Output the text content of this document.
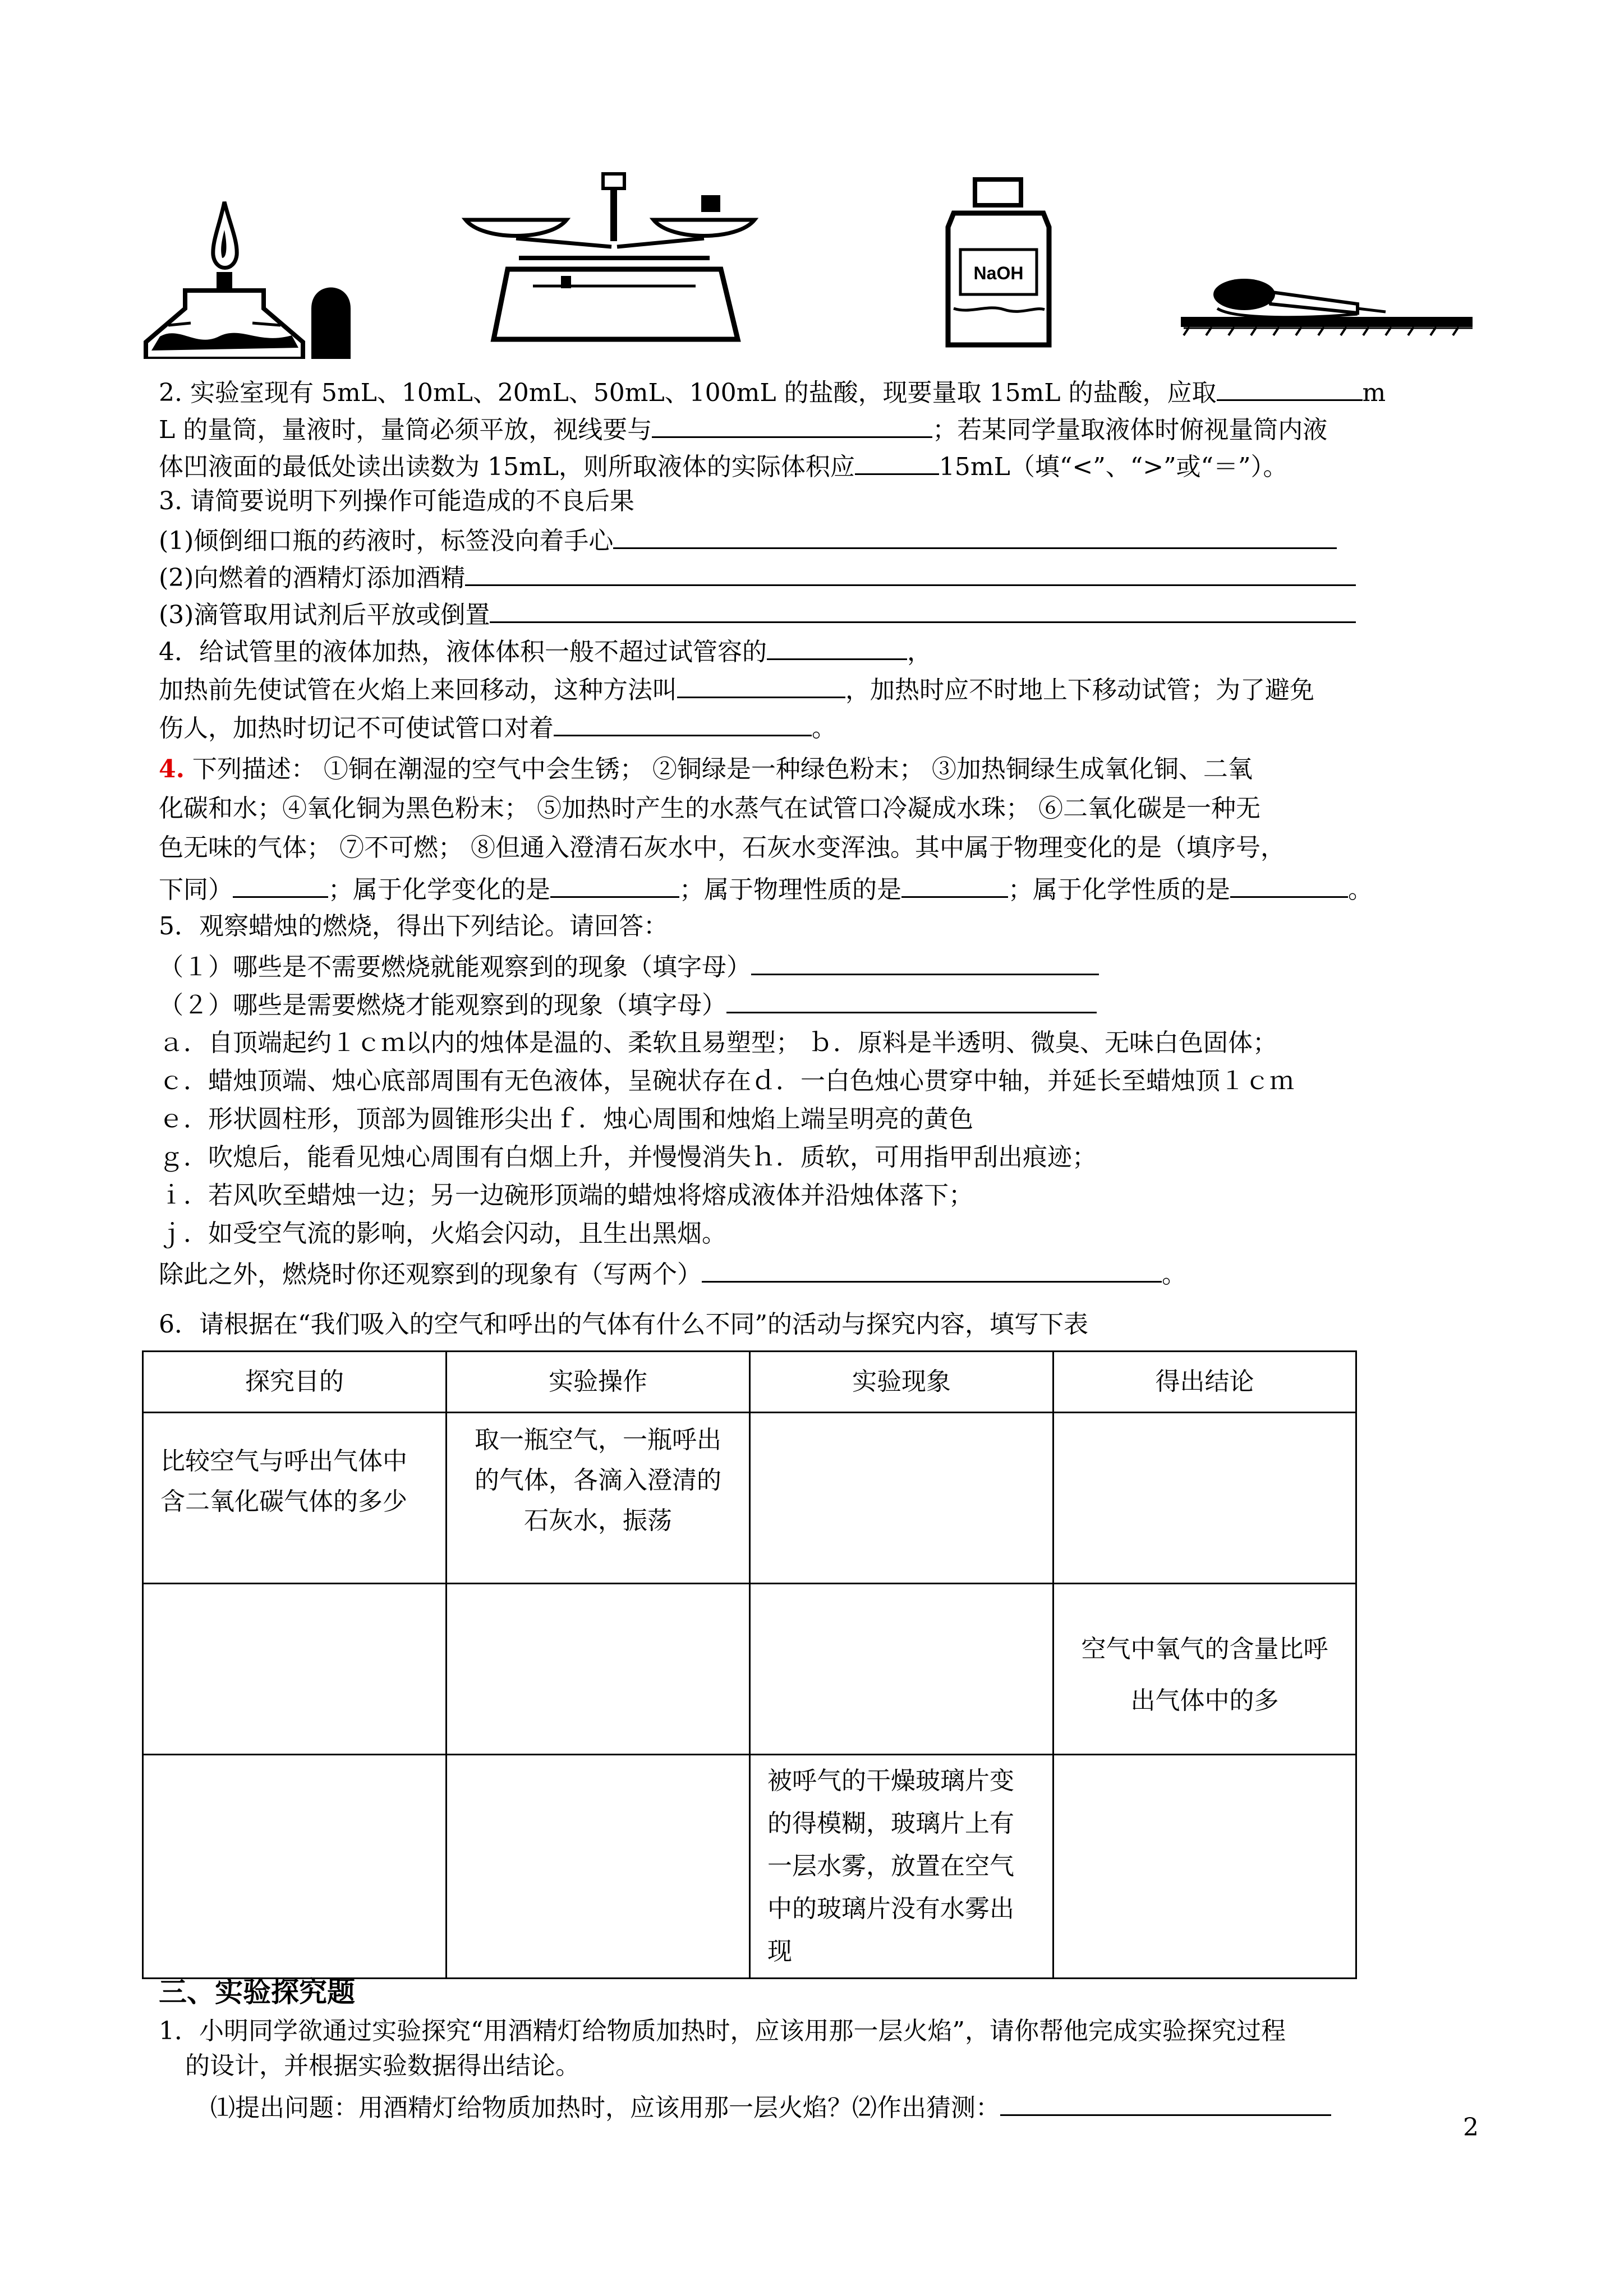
NaOH
2. 实验室现有 5mL、10mL、20mL、50mL、100mL 的盐酸，现要量取 15mL 的盐酸，应取	m
L 的量筒，量液时，量筒必须平放，视线要与	；若某同学量取液体时俯视量筒内液
体凹液面的最低处读出读数为 15mL，则所取液体的实际体积应	15mL（填“<”、“>”或“＝”）。
3. 请简要说明下列操作可能造成的不良后果
(1)倾倒细口瓶的药液时，标签没向着手心
(2)向燃着的酒精灯添加酒精
(3)滴管取用试剂后平放或倒置
4．给试管里的液体加热，液体体积一般不超过试管容的	，
加热前先使试管在火焰上来回移动，这种方法叫	，加热时应不时地上下移动试管；为了避免
伤人，加热时切记不可使试管口对着	。
4. 下列描述： ①铜在潮湿的空气中会生锈； ②铜绿是一种绿色粉末； ③加热铜绿生成氧化铜、二氧
化碳和水；④氧化铜为黑色粉末； ⑤加热时产生的水蒸气在试管口冷凝成水珠； ⑥二氧化碳是一种无
色无味的气体； ⑦不可燃； ⑧但通入澄清石灰水中，石灰水变浑浊。其中属于物理变化的是（填序号，
下同）	；属于化学变化的是	；属于物理性质的是	；属于化学性质的是	。
5．观察蜡烛的燃烧，得出下列结论。请回答：
（１）哪些是不需要燃烧就能观察到的现象（填字母）
（２）哪些是需要燃烧才能观察到的现象（填字母）
ａ．自顶端起约１ｃｍ以内的烛体是温的、柔软且易塑型； ｂ．原料是半透明、微臭、无味白色固体；
ｃ．蜡烛顶端、烛心底部周围有无色液体，呈碗状存在ｄ．一白色烛心贯穿中轴，并延长至蜡烛顶１ｃｍ
ｅ．形状圆柱形，顶部为圆锥形尖出ｆ．烛心周围和烛焰上端呈明亮的黄色
ｇ．吹熄后，能看见烛心周围有白烟上升，并慢慢消失ｈ．质软，可用指甲刮出痕迹；
ｉ．若风吹至蜡烛一边；另一边碗形顶端的蜡烛将熔成液体并沿烛体落下；
ｊ．如受空气流的影响，火焰会闪动，且生出黑烟。
除此之外，燃烧时你还观察到的现象有（写两个）	。
6．请根据在“我们吸入的空气和呼出的气体有什么不同”的活动与探究内容，填写下表
探究目的	实验操作	实验现象	得出结论
比较空气与呼出气体中含二氧化碳气体的多少	取一瓶空气，一瓶呼出的气体，各滴入澄清的石灰水，振荡		
			空气中氧气的含量比呼出气体中的多
		被呼气的干燥玻璃片变的得模糊，玻璃片上有一层水雾，放置在空气中的玻璃片没有水雾出现	
三、实验探究题
1．小明同学欲通过实验探究“用酒精灯给物质加热时，应该用那一层火焰”，请你帮他完成实验探究过程
的设计，并根据实验数据得出结论。
⑴提出问题：用酒精灯给物质加热时，应该用那一层火焰？⑵作出猜测：
2
